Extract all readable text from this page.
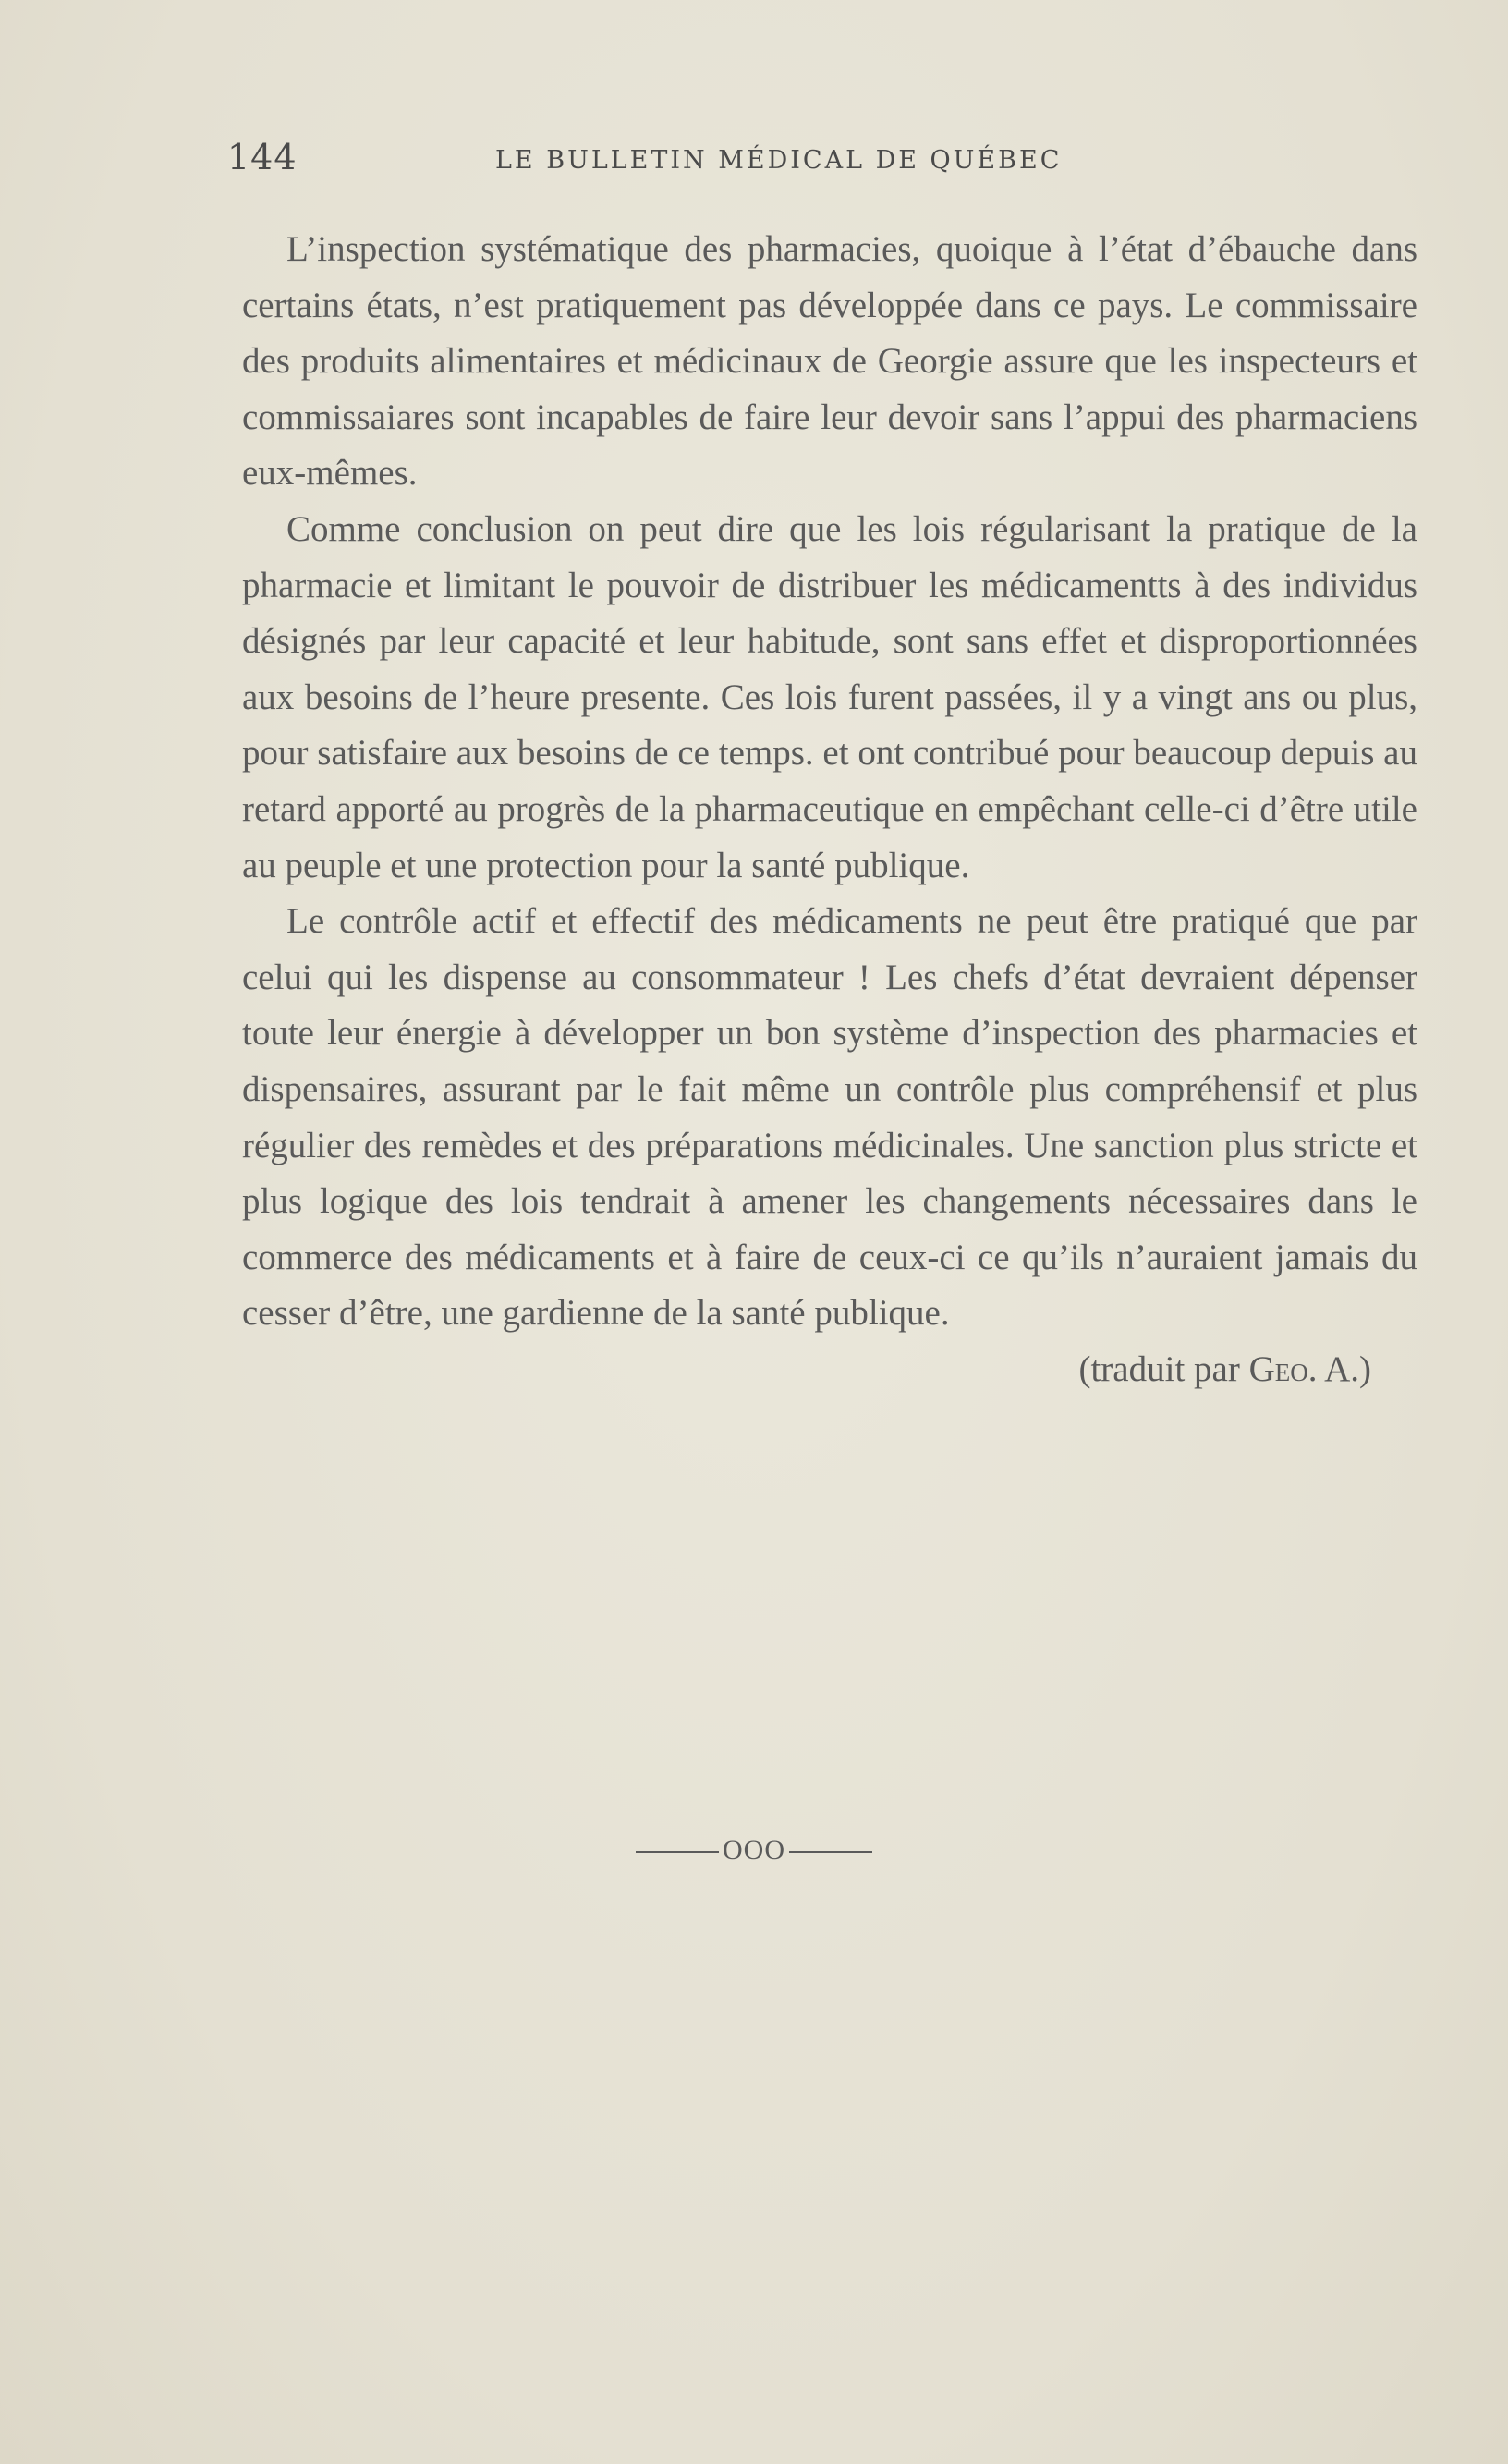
144	LE BULLETIN MÉDICAL DE QUÉBEC

L’inspection systématique des pharmacies, quoique à l’état d’ébauche dans certains états, n’est pratiquement pas développée dans ce pays. Le commissaire des produits alimentaires et médicinaux de Georgie assure que les inspecteurs et commissaiares sont incapables de faire leur devoir sans l’appui des pharmaciens eux-mêmes.

Comme conclusion on peut dire que les lois régularisant la pratique de la pharmacie et limitant le pouvoir de distribuer les médicamentts à des individus désignés par leur capacité et leur habitude, sont sans effet et disproportionnées aux besoins de l’heure presente. Ces lois furent passées, il y a vingt ans ou plus, pour satisfaire aux besoins de ce temps. et ont contribué pour beaucoup depuis au retard apporté au progrès de la pharmaceutique en empêchant celle-ci d’être utile au peuple et une protection pour la santé publique.

Le contrôle actif et effectif des médicaments ne peut être pratiqué que par celui qui les dispense au consommateur ! Les chefs d’état devraient dépenser toute leur énergie à développer un bon système d’inspection des pharmacies et dispensaires, assurant par le fait même un contrôle plus compréhensif et plus régulier des remèdes et des préparations médicinales. Une sanction plus stricte et plus logique des lois tendrait à amener les changements nécessaires dans le commerce des médicaments et à faire de ceux-ci ce qu’ils n’auraient jamais du cesser d’être, une gardienne de la santé publique.

(traduit par Geo. A.)

OOO
